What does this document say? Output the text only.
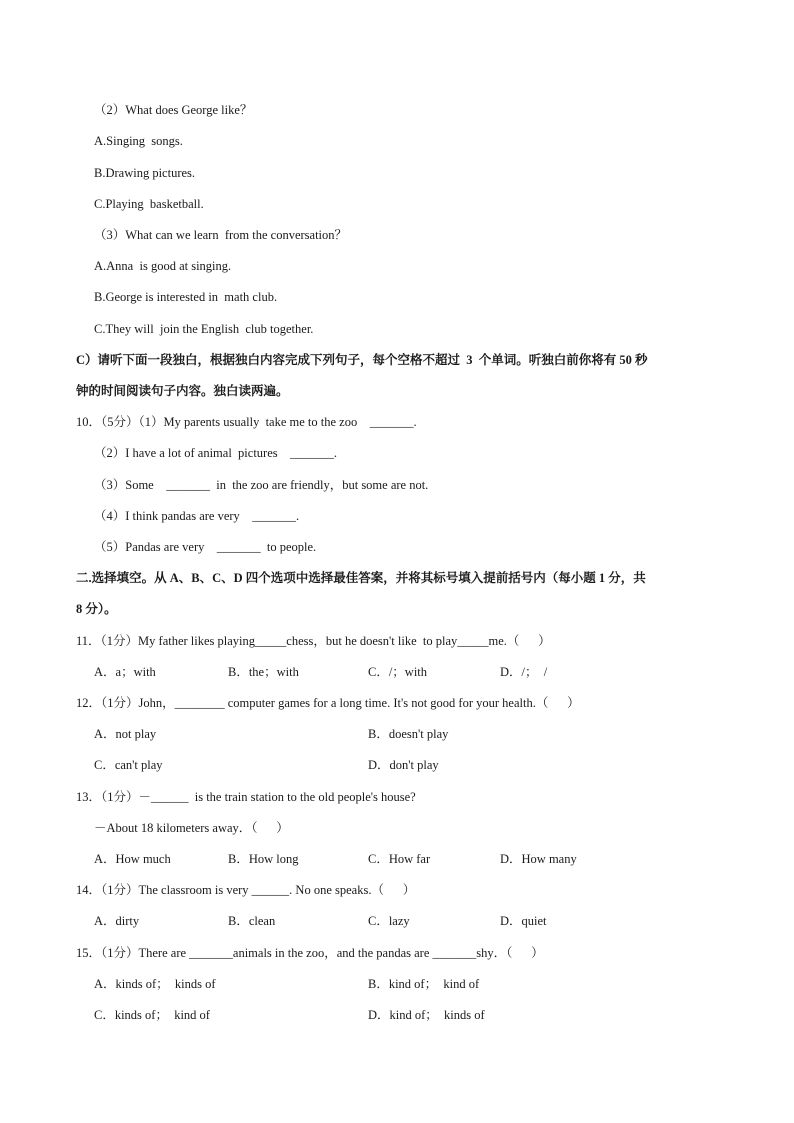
（2）What does George like？
A.Singing  songs.
B.Drawing pictures.
C.Playing  basketball.
（3）What can we learn  from the conversation？
A.Anna  is good at singing.
B.George is interested in  math club.
C.They will  join the English  club together.
C）请听下面一段独白，根据独白内容完成下列句子，每个空格不超过  3  个单词。听独白前你将有 50 秒
钟的时间阅读句子内容。独白读两遍。
10．（5分）（1）My parents usually  take me to the zoo    _______.
（2）I have a lot of animal  pictures    _______.
（3）Some    _______  in  the zoo are friendly，but some are not.
（4）I think pandas are very    _______.
（5）Pandas are very    _______  to people.
二.选择填空。从 A、B、C、D 四个选项中选择最佳答案，并将其标号填入提前括号内（每小题 1 分，共
8 分）。
11．（1分）My father likes playing_____chess，but he doesn't like  to play_____me.（      ）
A．a；with	B．the；with	C．/；with	D．/；  /
12．（1分）John，________ computer games for a long time. It's not good for your health.（      ）
A．not play	B．doesn't play
C．can't play	D．don't play
13．（1分）－______  is the train station to the old people's house?
－About 18 kilometers away．（      ）
A．How much	B．How long	C．How far	D．How many
14．（1分）The classroom is very ______. No one speaks.（      ）
A．dirty	B．clean	C．lazy	D．quiet
15．（1分）There are _______animals in the zoo，and the pandas are _______shy．（      ）
A．kinds of；  kinds of	B．kind of；  kind of
C．kinds of；  kind of	D．kind of；  kinds of
